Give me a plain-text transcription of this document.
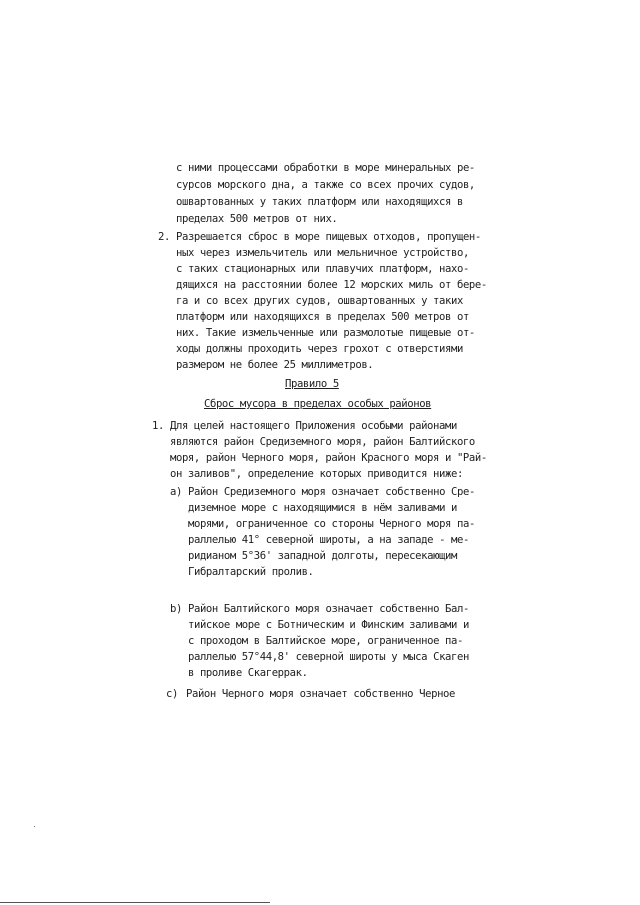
с ними процессами обработки в море минеральных ре-
сурсов морского дна, а также со всех прочих судов,
ошвартованных у таких платформ или находящихся в
пределах 500 метров от них.
2. Разрешается сброс в море пищевых отходов, пропущен-
ных через измельчитель или мельничное устройство,
с таких стационарных или плавучих платформ, нахо-
дящихся на расстоянии более 12 морских миль от бере-
га и со всех других судов, ошвартованных у таких
платформ или находящихся в пределах 500 метров от
них. Такие измельченные или размолотые пищевые от-
ходы должны проходить через грохот с отверстиями
размером не более 25 миллиметров.
Правило 5
Сброс мусора в пределах особых районов
1. Для целей настоящего Приложения особыми районами
являются район Средиземного моря, район Балтийского
моря, район Черного моря, район Красного моря и "Рай-
он заливов", определение которых приводится ниже:
a) Район Средиземного моря означает собственно Сре-
диземное море с находящимися в нём заливами и
морями, ограниченное со стороны Черного моря па-
раллелью 41° северной широты, а на западе - ме-
ридианом 5°36' западной долготы, пересекающим
Гибралтарский пролив.
b) Район Балтийского моря означает собственно Бал-
тийское море с Ботническим и Финским заливами и
с проходом в Балтийское море, ограниченное па-
раллелью 57°44,8' северной широты у мыса Скаген
в проливе Скагеррак.
c) Район Черного моря означает собственно Черное
